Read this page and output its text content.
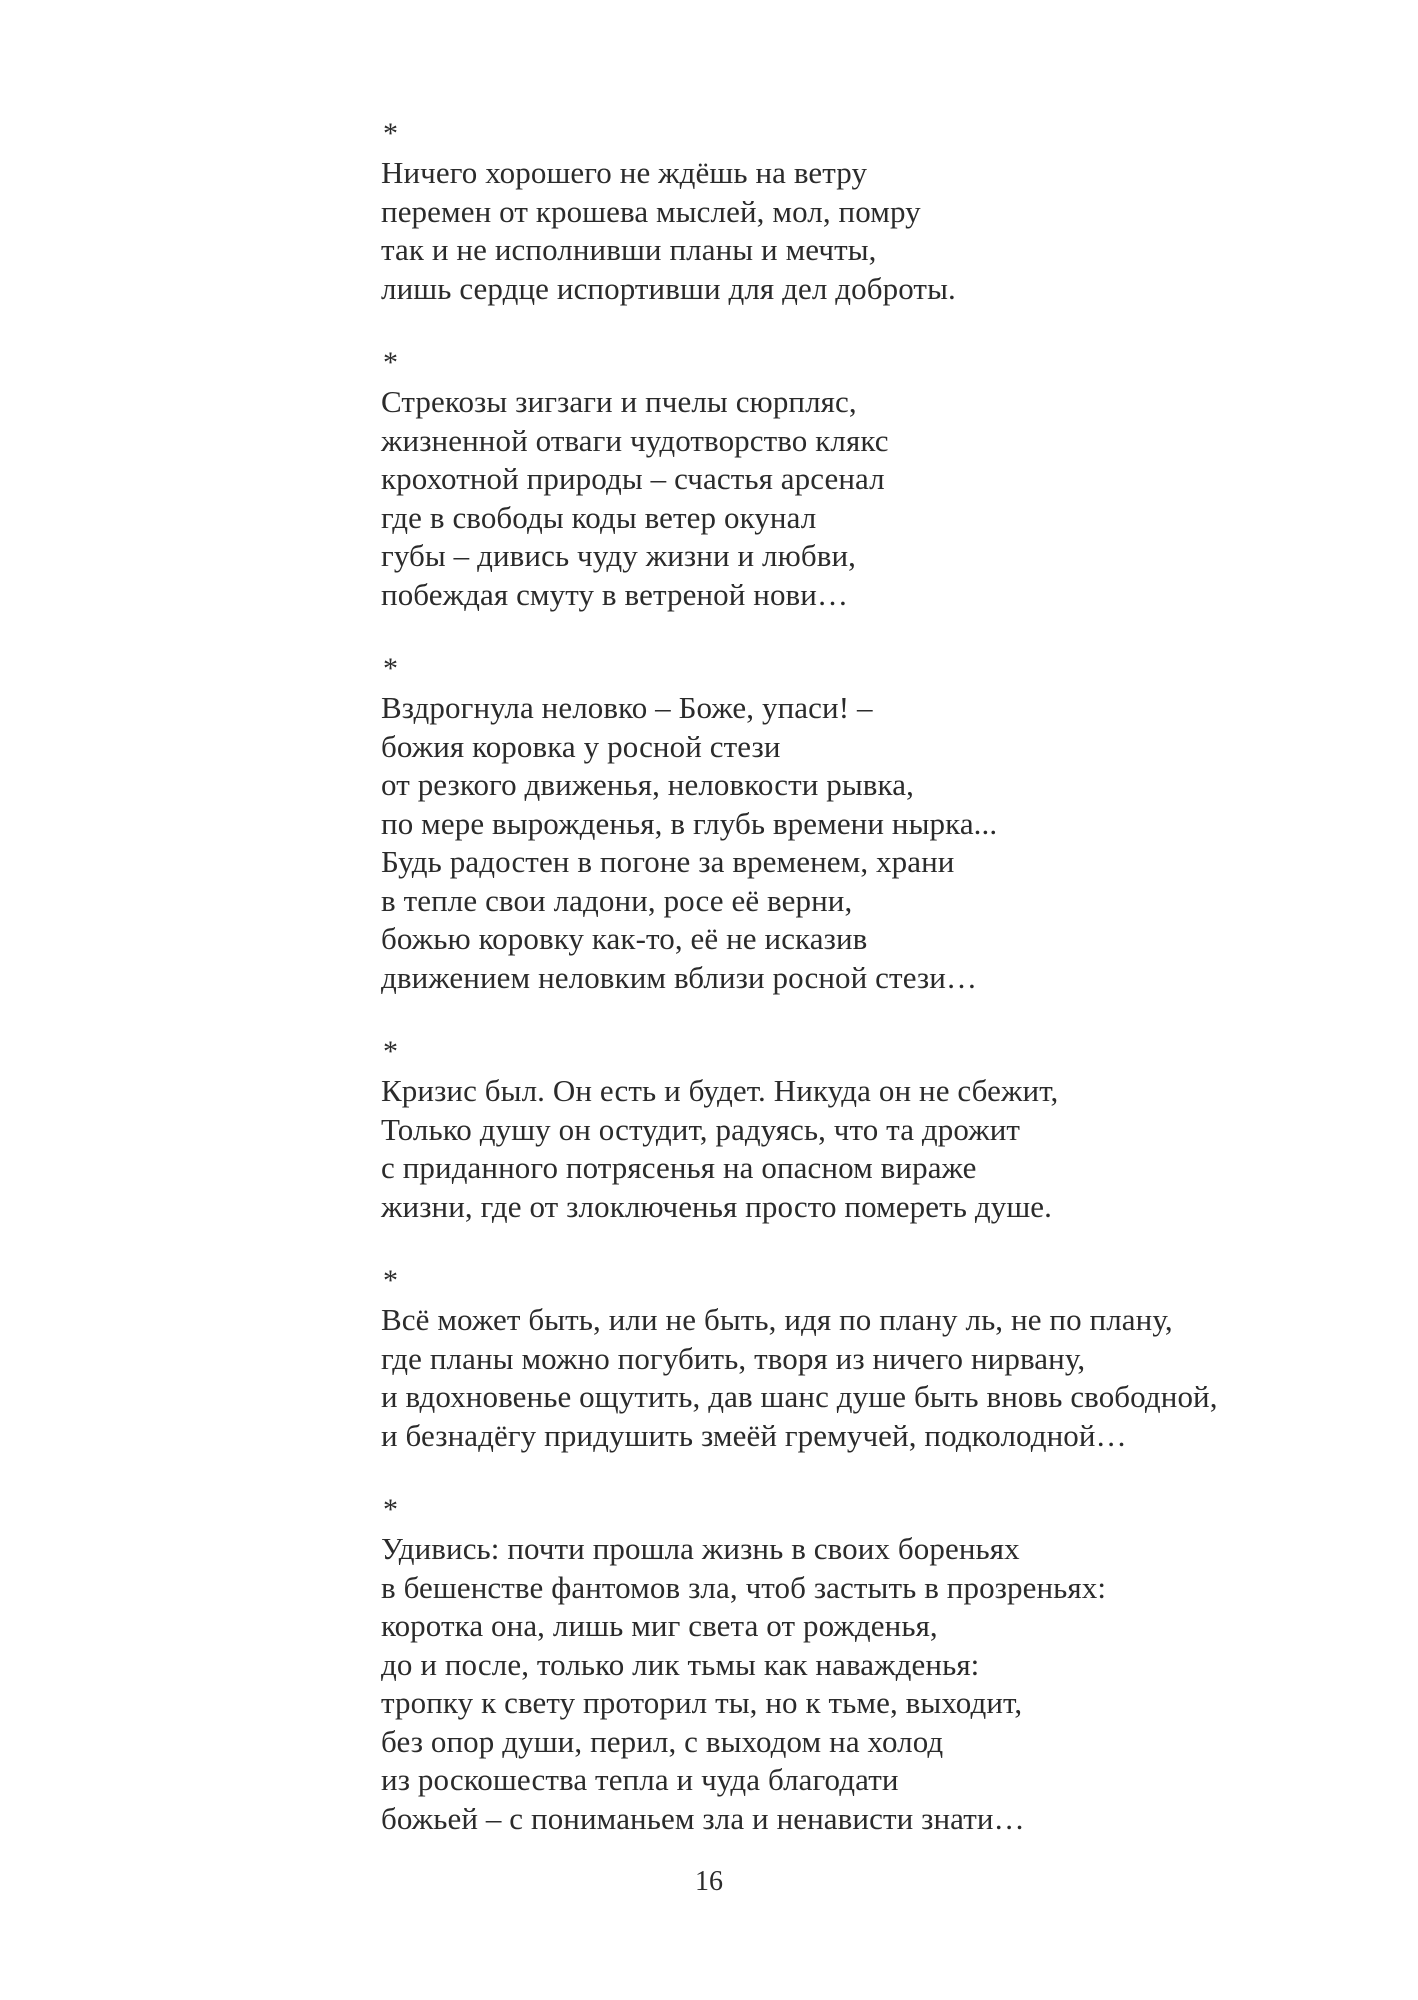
*
Ничего хорошего не ждёшь на ветру
перемен от крошева мыслей, мол, помру
так и не исполнивши планы и мечты,
лишь сердце испортивши для дел доброты.
*
Стрекозы зигзаги и пчелы сюрпляс,
жизненной отваги чудотворство клякс
крохотной природы – счастья арсенал
где в свободы коды ветер окунал
губы – дивись чуду жизни и любви,
побеждая смуту в ветреной нови…
*
Вздрогнула неловко – Боже, упаси! –
божия коровка у росной стези
от резкого движенья, неловкости рывка,
по мере вырожденья, в глубь времени нырка...
Будь радостен в погоне за временем, храни
в тепле свои ладони, росе её верни,
божью коровку как-то, её не исказив
движением неловким вблизи росной стези…
*
Кризис был. Он есть и будет. Никуда он не сбежит,
Только душу он остудит, радуясь, что та дрожит
с приданного потрясенья на опасном вираже
жизни, где от злоключенья просто помереть душе.
*
Всё может быть, или не быть, идя по плану ль, не по плану,
где планы можно погубить, творя из ничего нирвану,
и вдохновенье ощутить, дав шанс душе быть вновь свободной,
и безнадёгу придушить змеёй гремучей, подколодной…
*
Удивись: почти прошла жизнь в своих бореньях
в бешенстве фантомов зла, чтоб застыть в прозреньях:
коротка она, лишь миг света от рожденья,
до и после, только лик тьмы как наважденья:
тропку к свету проторил ты, но к тьме, выходит,
без опор души, перил, с выходом на холод
из роскошества тепла и чуда благодати
божьей – с пониманьем зла и ненависти знати…
16
